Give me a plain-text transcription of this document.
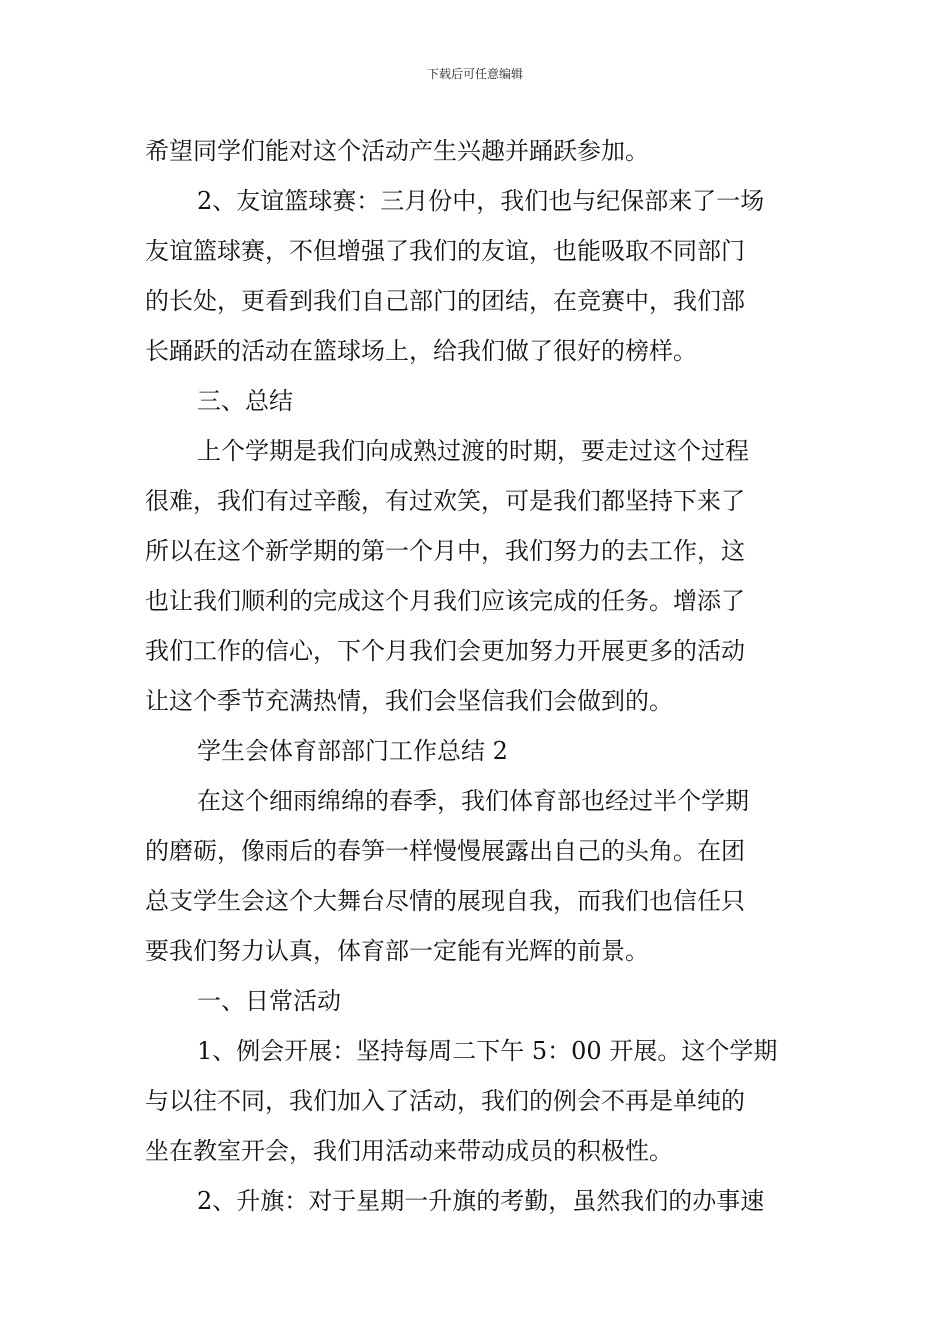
下载后可任意编辑
希望同学们能对这个活动产生兴趣并踊跃参加。
2、友谊篮球赛：三月份中，我们也与纪保部来了一场
友谊篮球赛，不但增强了我们的友谊，也能吸取不同部门
的长处，更看到我们自己部门的团结，在竞赛中，我们部
长踊跃的活动在篮球场上，给我们做了很好的榜样。
三、总结
上个学期是我们向成熟过渡的时期，要走过这个过程
很难，我们有过辛酸，有过欢笑，可是我们都坚持下来了
所以在这个新学期的第一个月中，我们努力的去工作，这
也让我们顺利的完成这个月我们应该完成的任务。增添了
我们工作的信心，下个月我们会更加努力开展更多的活动
让这个季节充满热情，我们会坚信我们会做到的。
学生会体育部部门工作总结 2
在这个细雨绵绵的春季，我们体育部也经过半个学期
的磨砺，像雨后的春笋一样慢慢展露出自己的头角。在团
总支学生会这个大舞台尽情的展现自我，而我们也信任只
要我们努力认真，体育部一定能有光辉的前景。
一、日常活动
1、例会开展：坚持每周二下午 5：00 开展。这个学期
与以往不同，我们加入了活动，我们的例会不再是单纯的
坐在教室开会，我们用活动来带动成员的积极性。
2、升旗：对于星期一升旗的考勤，虽然我们的办事速
